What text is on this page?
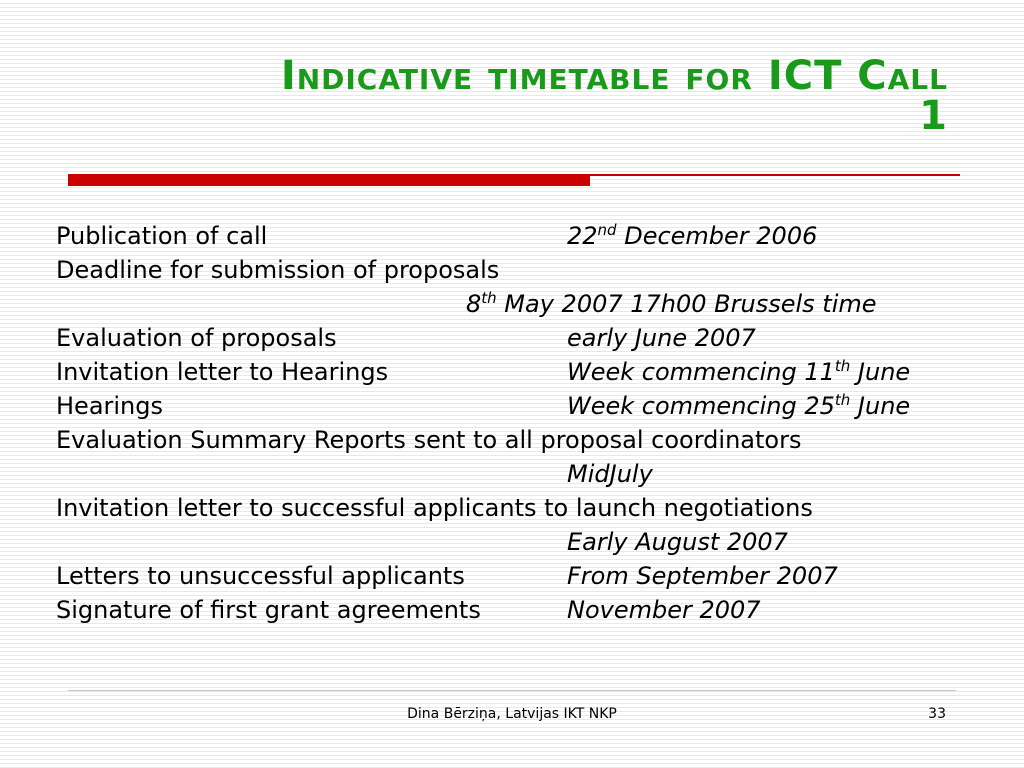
Indicative timetable for ICT Call
1
Publication of call	22nd December 2006
Deadline for submission of proposals
8th May 2007 17h00 Brussels time
Evaluation of proposals	early June 2007
Invitation letter to Hearings	Week commencing 11th June
Hearings	Week commencing 25th June
Evaluation Summary Reports sent to all proposal coordinators
MidJuly
Invitation letter to successful applicants to launch negotiations
Early August 2007
Letters to unsuccessful applicants	From September 2007
Signature of first grant agreements	November 2007
Dina Bērziņa, Latvijas IKT NKP	33
